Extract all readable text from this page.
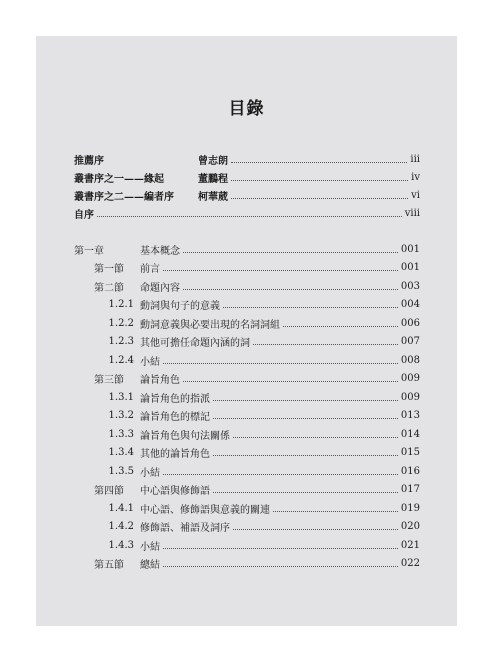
目錄
推薦序	曾志朗	iii
叢書序之一——緣起	董鵬程	iv
叢書序之二——編者序	柯華葳	vi
自序	viii
第一章	基本概念	001
第一節	前言	001
第二節	命題內容	003
1.2.1 動詞與句子的意義	004
1.2.2 動詞意義與必要出現的名詞詞組	006
1.2.3 其他可擔任命題內涵的詞	007
1.2.4 小結	008
第三節	論旨角色	009
1.3.1 論旨角色的指派	009
1.3.2 論旨角色的標記	013
1.3.3 論旨角色與句法關係	014
1.3.4 其他的論旨角色	015
1.3.5 小結	016
第四節	中心語與修飾語	017
1.4.1 中心語、修飾語與意義的關連	019
1.4.2 修飾語、補語及詞序	020
1.4.3 小結	021
第五節	總結	022
